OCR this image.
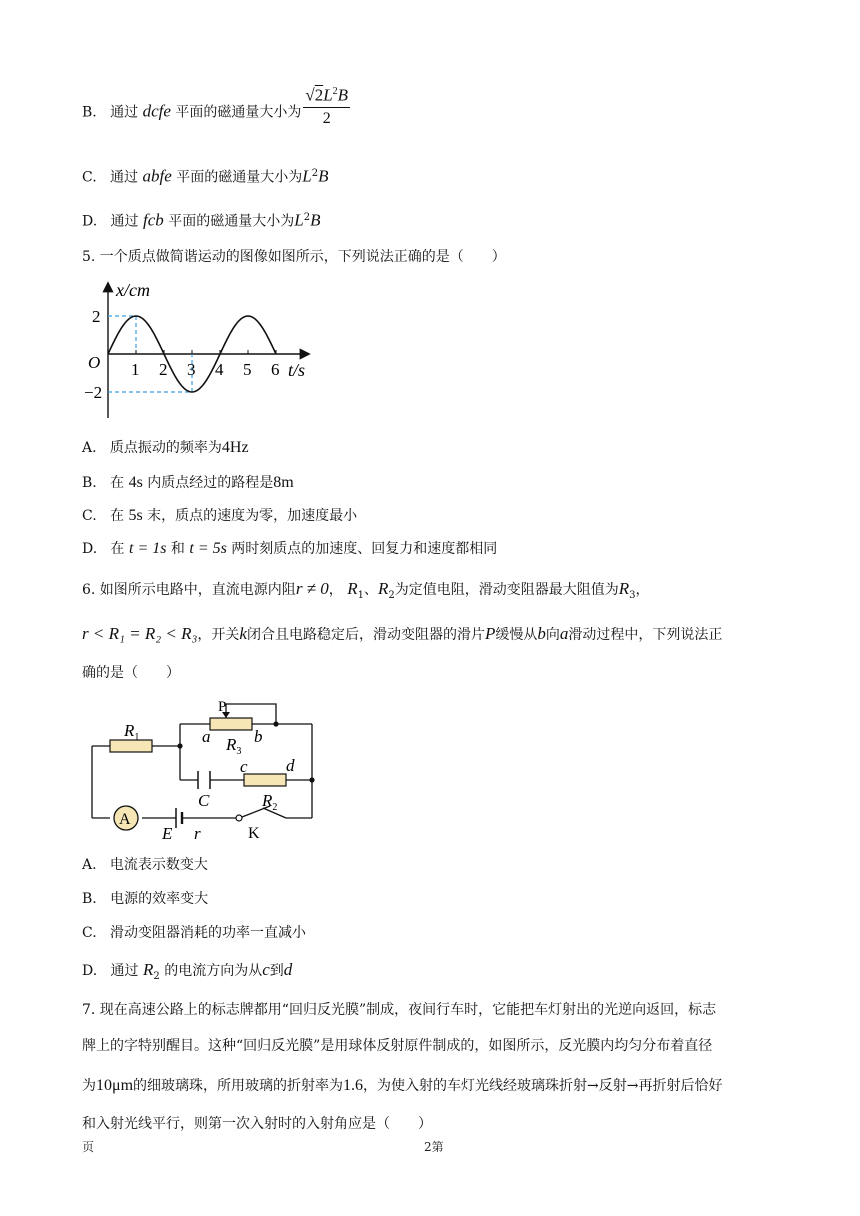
B. 通过 dcfe 平面的磁通量大小为 $\frac{√2L^2B}{2}$
C. 通过 abfe 平面的磁通量大小为$L^2B$
D. 通过 fcb 平面的磁通量大小为$L^2B$
5. 一个质点做简谐运动的图像如图所示，下列说法正确的是（　　）
1 2 3 4 5 6
2
−2
O
x/cm
t/s
A. 质点振动的频率为4Hz
B. 在 4s 内质点经过的路程是8m
C. 在 5s 末，质点的速度为零，加速度最小
D. 在 t = 1s 和 t = 5s 两时刻质点的加速度、回复力和速度都相同
6. 如图所示电路中，直流电源内阻r ≠ 0， $R_1$、$R_2$为定值电阻，滑动变阻器最大阻值为$R_3$，
r < R₁ = R₂ < R₃，开关k闭合且电路稳定后，滑动变阻器的滑片P缓慢从b向a滑动过程中，下列说法正
确的是（　　）
A
$R_1$
P
a	b
$R_3$
c d
C	$R_2$
E r	K
A. 电流表示数变大
B. 电源的效率变大
C. 滑动变阻器消耗的功率一直减小
D. 通过 $R_2$ 的电流方向为从c到d
7. 现在高速公路上的标志牌都用“回归反光膜”制成，夜间行车时，它能把车灯射出的光逆向返回，标志
牌上的字特别醒目。这种“回归反光膜”是用球体反射原件制成的，如图所示，反光膜内均匀分布着直径
为10μm的细玻璃珠，所用玻璃的折射率为1.6，为使入射的车灯光线经玻璃珠折射→反射→再折射后恰好
和入射光线平行，则第一次入射时的入射角应是（　　）
页	2第
